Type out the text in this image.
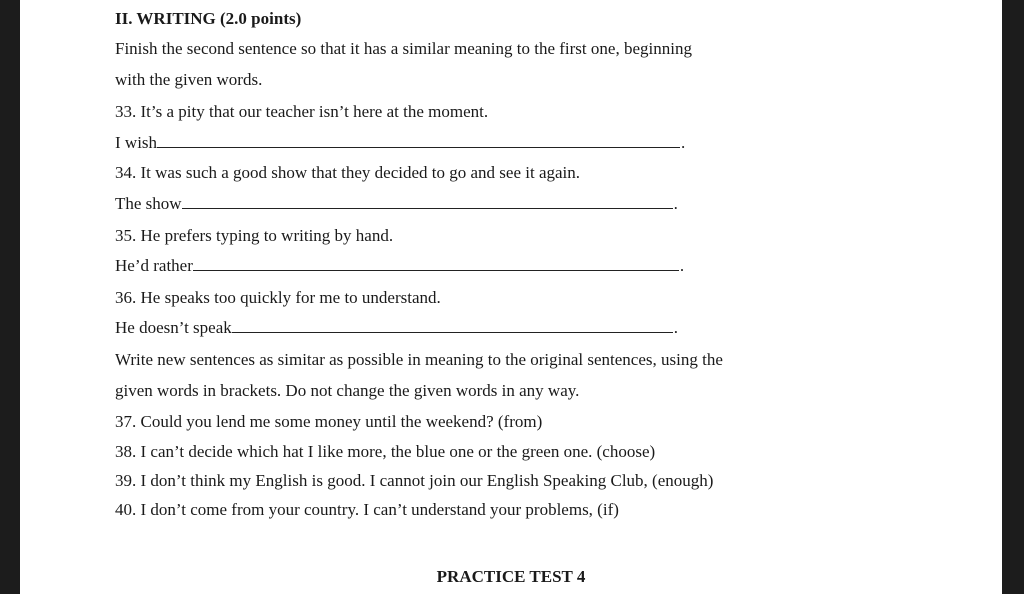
II. WRITING (2.0 points)
Finish the second sentence so that it has a similar meaning to the first one, beginning
with the given words.
33. It’s a pity that our teacher isn’t here at the moment.
I wish	.
34. It was such a good show that they decided to go and see it again.
The show	.
35. He prefers typing to writing by hand.
He’d rather	.
36. He speaks too quickly for me to understand.
He doesn’t speak	.
Write new sentences as simitar as possible in meaning to the original sentences, using the
given words in brackets. Do not change the given words in any way.
37. Could you lend me some money until the weekend? (from)
38. I can’t decide which hat I like more, the blue one or the green one. (choose)
39. I don’t think my English is good. I cannot join our English Speaking Club, (enough)
40. I don’t come from your country. I can’t understand your problems, (if)
PRACTICE TEST 4
